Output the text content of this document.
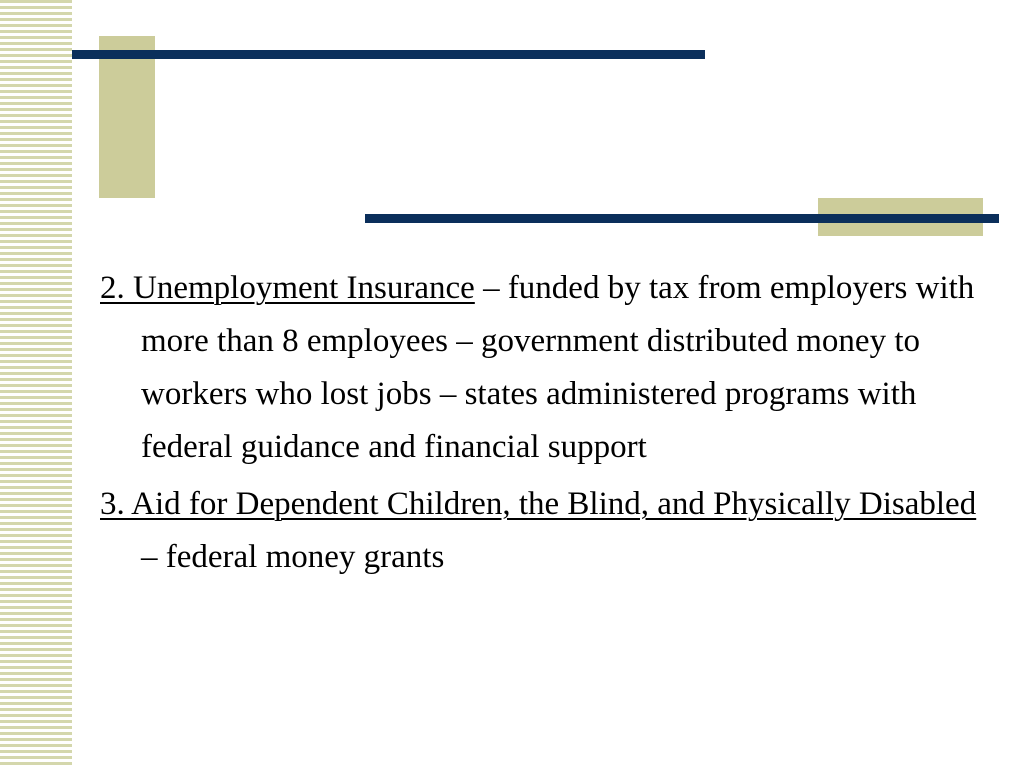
2. Unemployment Insurance – funded by tax from employers with more than 8 employees – government distributed money to workers who lost jobs – states administered programs with federal guidance and financial support

3. Aid for Dependent Children, the Blind, and Physically Disabled – federal money grants
